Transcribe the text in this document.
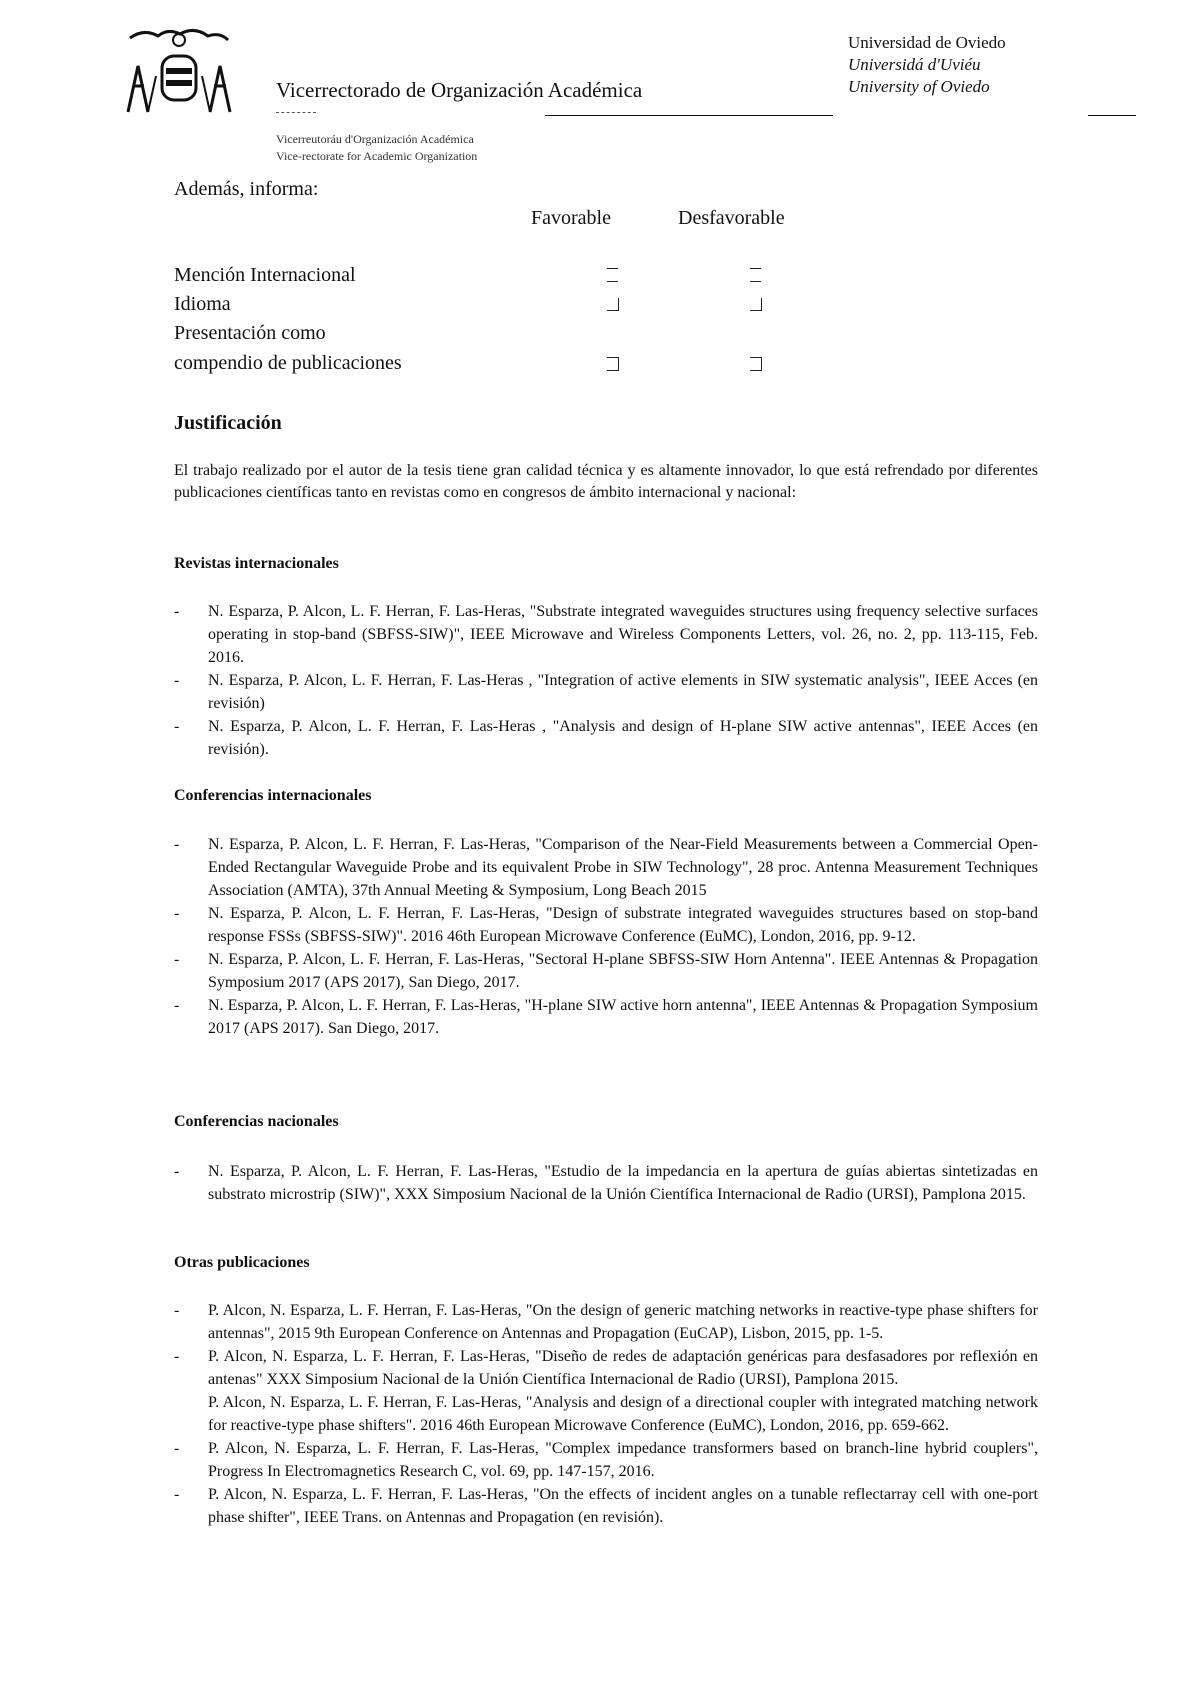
Vicerrectorado de Organización Académica
Vicerreutoráu d'Organización Académica
Vice-rectorate for Academic Organization
Universidad de Oviedo
Universidá d'Uviéu
University of Oviedo
Además, informa:
Favorable	Desfavorable
Mención Internacional
Idioma
Presentación como
compendio de publicaciones
Justificación
El trabajo realizado por el autor de la tesis tiene gran calidad técnica y es altamente innovador, lo que está refrendado por diferentes publicaciones científicas tanto en revistas como en congresos de ámbito internacional y nacional:
Revistas internacionales
- N. Esparza, P. Alcon, L. F. Herran, F. Las-Heras, "Substrate integrated waveguides structures using frequency selective surfaces operating in stop-band (SBFSS-SIW)", IEEE Microwave and Wireless Components Letters, vol. 26, no. 2, pp. 113-115, Feb. 2016.
- N. Esparza, P. Alcon, L. F. Herran, F. Las-Heras , "Integration of active elements in SIW systematic analysis", IEEE Acces (en revisión)
- N. Esparza, P. Alcon, L. F. Herran, F. Las-Heras , "Analysis and design of H-plane SIW active antennas", IEEE Acces (en revisión).
Conferencias internacionales
- N. Esparza, P. Alcon, L. F. Herran, F. Las-Heras, "Comparison of the Near-Field Measurements between a Commercial Open-Ended Rectangular Waveguide Probe and its equivalent Probe in SIW Technology", 28 proc. Antenna Measurement Techniques Association (AMTA), 37th Annual Meeting & Symposium, Long Beach 2015
- N. Esparza, P. Alcon, L. F. Herran, F. Las-Heras, "Design of substrate integrated waveguides structures based on stop-band response FSSs (SBFSS-SIW)". 2016 46th European Microwave Conference (EuMC), London, 2016, pp. 9-12.
- N. Esparza, P. Alcon, L. F. Herran, F. Las-Heras, "Sectoral H-plane SBFSS-SIW Horn Antenna". IEEE Antennas & Propagation Symposium 2017 (APS 2017), San Diego, 2017.
- N. Esparza, P. Alcon, L. F. Herran, F. Las-Heras, "H-plane SIW active horn antenna", IEEE Antennas & Propagation Symposium 2017 (APS 2017). San Diego, 2017.
Conferencias nacionales
- N. Esparza, P. Alcon, L. F. Herran, F. Las-Heras, "Estudio de la impedancia en la apertura de guías abiertas sintetizadas en substrato microstrip (SIW)", XXX Simposium Nacional de la Unión Científica Internacional de Radio (URSI), Pamplona 2015.
Otras publicaciones
- P. Alcon, N. Esparza, L. F. Herran, F. Las-Heras, "On the design of generic matching networks in reactive-type phase shifters for antennas", 2015 9th European Conference on Antennas and Propagation (EuCAP), Lisbon, 2015, pp. 1-5.
- P. Alcon, N. Esparza, L. F. Herran, F. Las-Heras, "Diseño de redes de adaptación genéricas para desfasadores por reflexión en antenas" XXX Simposium Nacional de la Unión Científica Internacional de Radio (URSI), Pamplona 2015.
P. Alcon, N. Esparza, L. F. Herran, F. Las-Heras, "Analysis and design of a directional coupler with integrated matching network for reactive-type phase shifters". 2016 46th European Microwave Conference (EuMC), London, 2016, pp. 659-662.
- P. Alcon, N. Esparza, L. F. Herran, F. Las-Heras, "Complex impedance transformers based on branch-line hybrid couplers", Progress In Electromagnetics Research C, vol. 69, pp. 147-157, 2016.
- P. Alcon, N. Esparza, L. F. Herran, F. Las-Heras, "On the effects of incident angles on a tunable reflectarray cell with one-port phase shifter", IEEE Trans. on Antennas and Propagation (en revisión).
